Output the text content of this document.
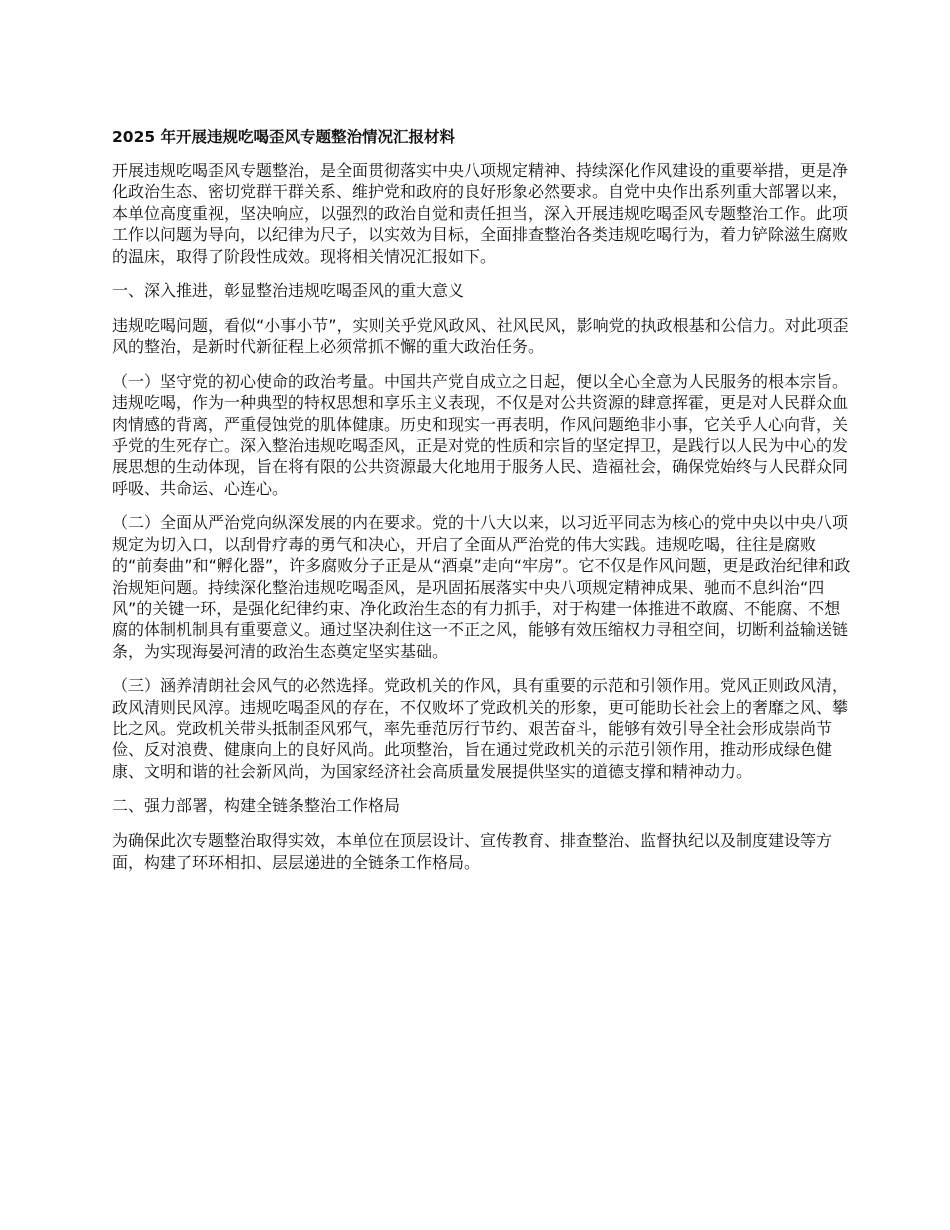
2025 年开展违规吃喝歪风专题整治情况汇报材料
开展违规吃喝歪风专题整治，是全面贯彻落实中央八项规定精神、持续深化作风建设的重要举措，更是净化政治生态、密切党群干群关系、维护党和政府的良好形象必然要求。自党中央作出系列重大部署以来，本单位高度重视，坚决响应，以强烈的政治自觉和责任担当，深入开展违规吃喝歪风专题整治工作。此项工作以问题为导向，以纪律为尺子，以实效为目标，全面排查整治各类违规吃喝行为，着力铲除滋生腐败的温床，取得了阶段性成效。现将相关情况汇报如下。
一、深入推进，彰显整治违规吃喝歪风的重大意义
违规吃喝问题，看似“小事小节”，实则关乎党风政风、社风民风，影响党的执政根基和公信力。对此项歪风的整治，是新时代新征程上必须常抓不懈的重大政治任务。
（一）坚守党的初心使命的政治考量。中国共产党自成立之日起，便以全心全意为人民服务的根本宗旨。违规吃喝，作为一种典型的特权思想和享乐主义表现，不仅是对公共资源的肆意挥霍，更是对人民群众血肉情感的背离，严重侵蚀党的肌体健康。历史和现实一再表明，作风问题绝非小事，它关乎人心向背，关乎党的生死存亡。深入整治违规吃喝歪风，正是对党的性质和宗旨的坚定捍卫，是践行以人民为中心的发展思想的生动体现，旨在将有限的公共资源最大化地用于服务人民、造福社会，确保党始终与人民群众同呼吸、共命运、心连心。
（二）全面从严治党向纵深发展的内在要求。党的十八大以来，以习近平同志为核心的党中央以中央八项规定为切入口，以刮骨疗毒的勇气和决心，开启了全面从严治党的伟大实践。违规吃喝，往往是腐败的“前奏曲”和“孵化器”，许多腐败分子正是从“酒桌”走向“牢房”。它不仅是作风问题，更是政治纪律和政治规矩问题。持续深化整治违规吃喝歪风，是巩固拓展落实中央八项规定精神成果、驰而不息纠治“四风”的关键一环，是强化纪律约束、净化政治生态的有力抓手，对于构建一体推进不敢腐、不能腐、不想腐的体制机制具有重要意义。通过坚决刹住这一不正之风，能够有效压缩权力寻租空间，切断利益输送链条，为实现海晏河清的政治生态奠定坚实基础。
（三）涵养清朗社会风气的必然选择。党政机关的作风，具有重要的示范和引领作用。党风正则政风清，政风清则民风淳。违规吃喝歪风的存在，不仅败坏了党政机关的形象，更可能助长社会上的奢靡之风、攀比之风。党政机关带头抵制歪风邪气，率先垂范厉行节约、艰苦奋斗，能够有效引导全社会形成崇尚节俭、反对浪费、健康向上的良好风尚。此项整治，旨在通过党政机关的示范引领作用，推动形成绿色健康、文明和谐的社会新风尚，为国家经济社会高质量发展提供坚实的道德支撑和精神动力。
二、强力部署，构建全链条整治工作格局
为确保此次专题整治取得实效，本单位在顶层设计、宣传教育、排查整治、监督执纪以及制度建设等方面，构建了环环相扣、层层递进的全链条工作格局。
